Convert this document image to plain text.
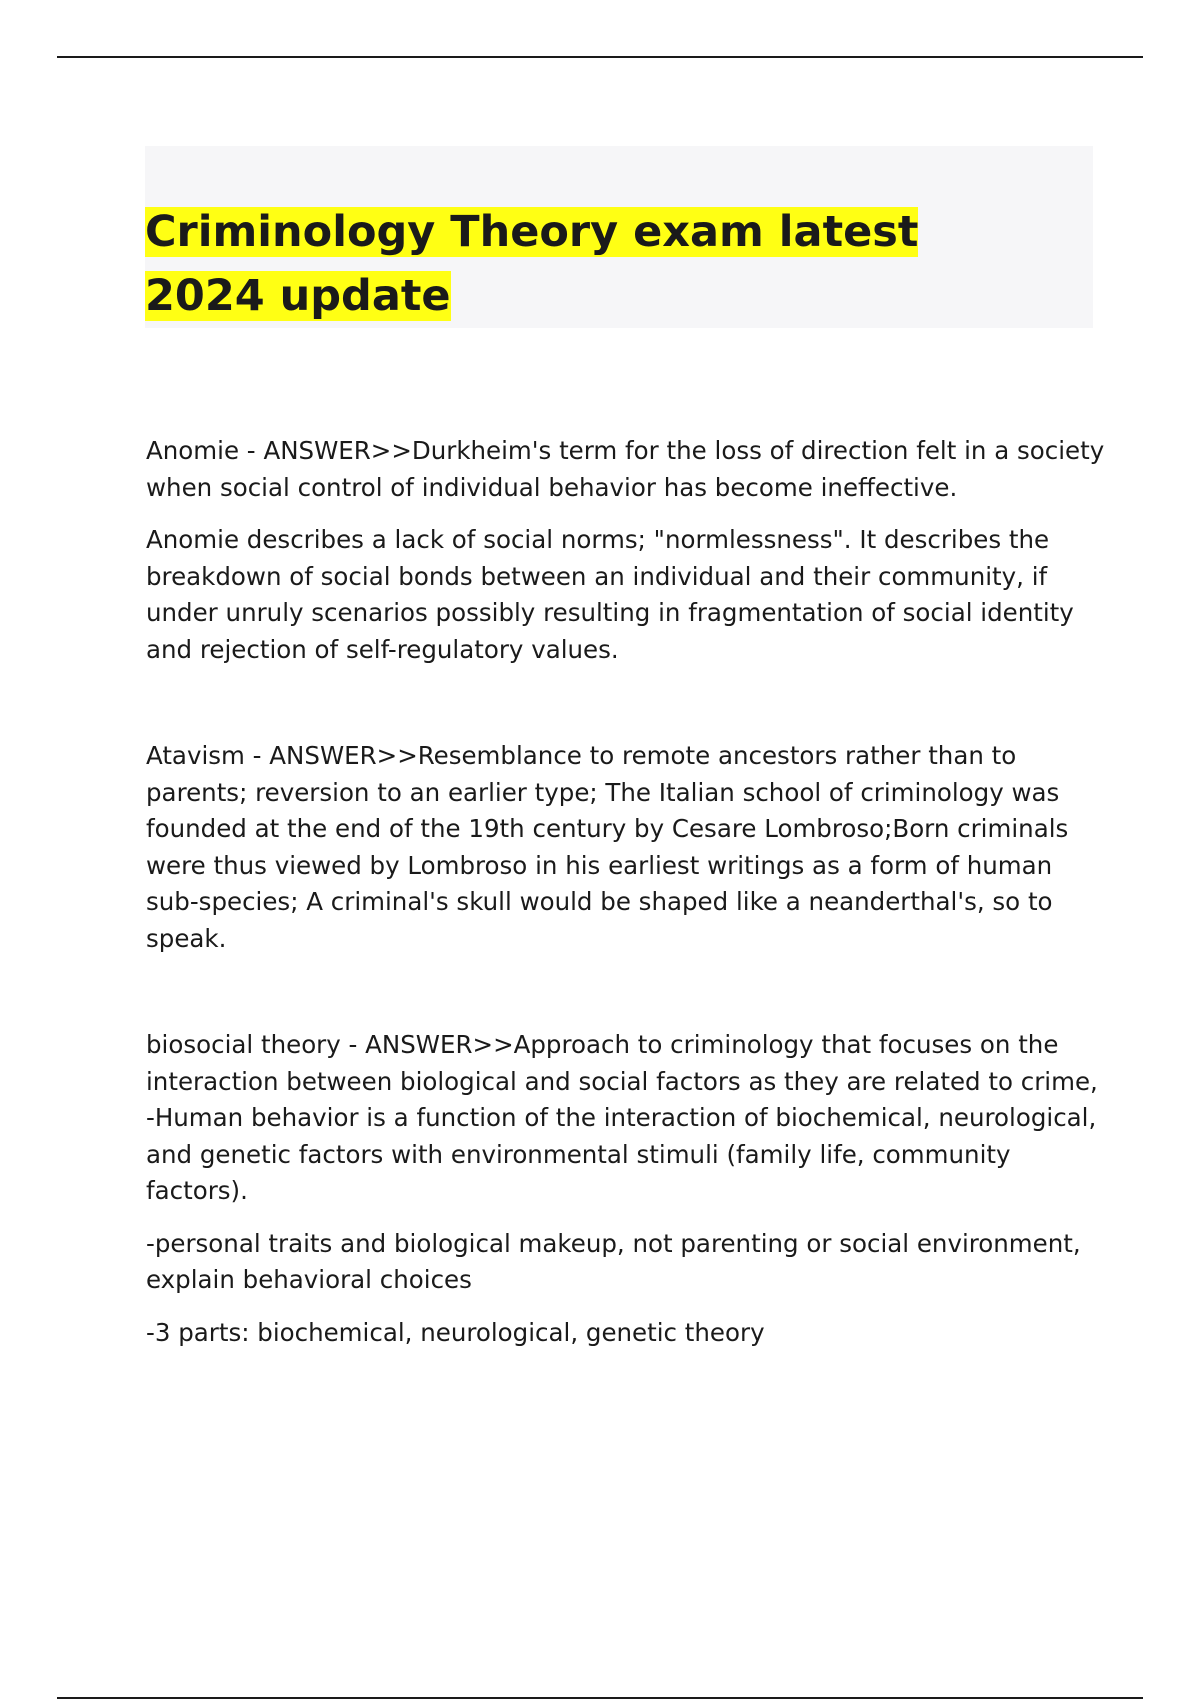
Criminology Theory exam latest 2024 update

Anomie - ANSWER>>Durkheim's term for the loss of direction felt in a society when social control of individual behavior has become ineffective.

Anomie describes a lack of social norms; "normlessness". It describes the breakdown of social bonds between an individual and their community, if under unruly scenarios possibly resulting in fragmentation of social identity and rejection of self-regulatory values.

Atavism - ANSWER>>Resemblance to remote ancestors rather than to parents; reversion to an earlier type; The Italian school of criminology was founded at the end of the 19th century by Cesare Lombroso;Born criminals were thus viewed by Lombroso in his earliest writings as a form of human sub-species; A criminal's skull would be shaped like a neanderthal's, so to speak.

biosocial theory - ANSWER>>Approach to criminology that focuses on the interaction between biological and social factors as they are related to crime, -Human behavior is a function of the interaction of biochemical, neurological, and genetic factors with environmental stimuli (family life, community factors).

-personal traits and biological makeup, not parenting or social environment, explain behavioral choices

-3 parts: biochemical, neurological, genetic theory
